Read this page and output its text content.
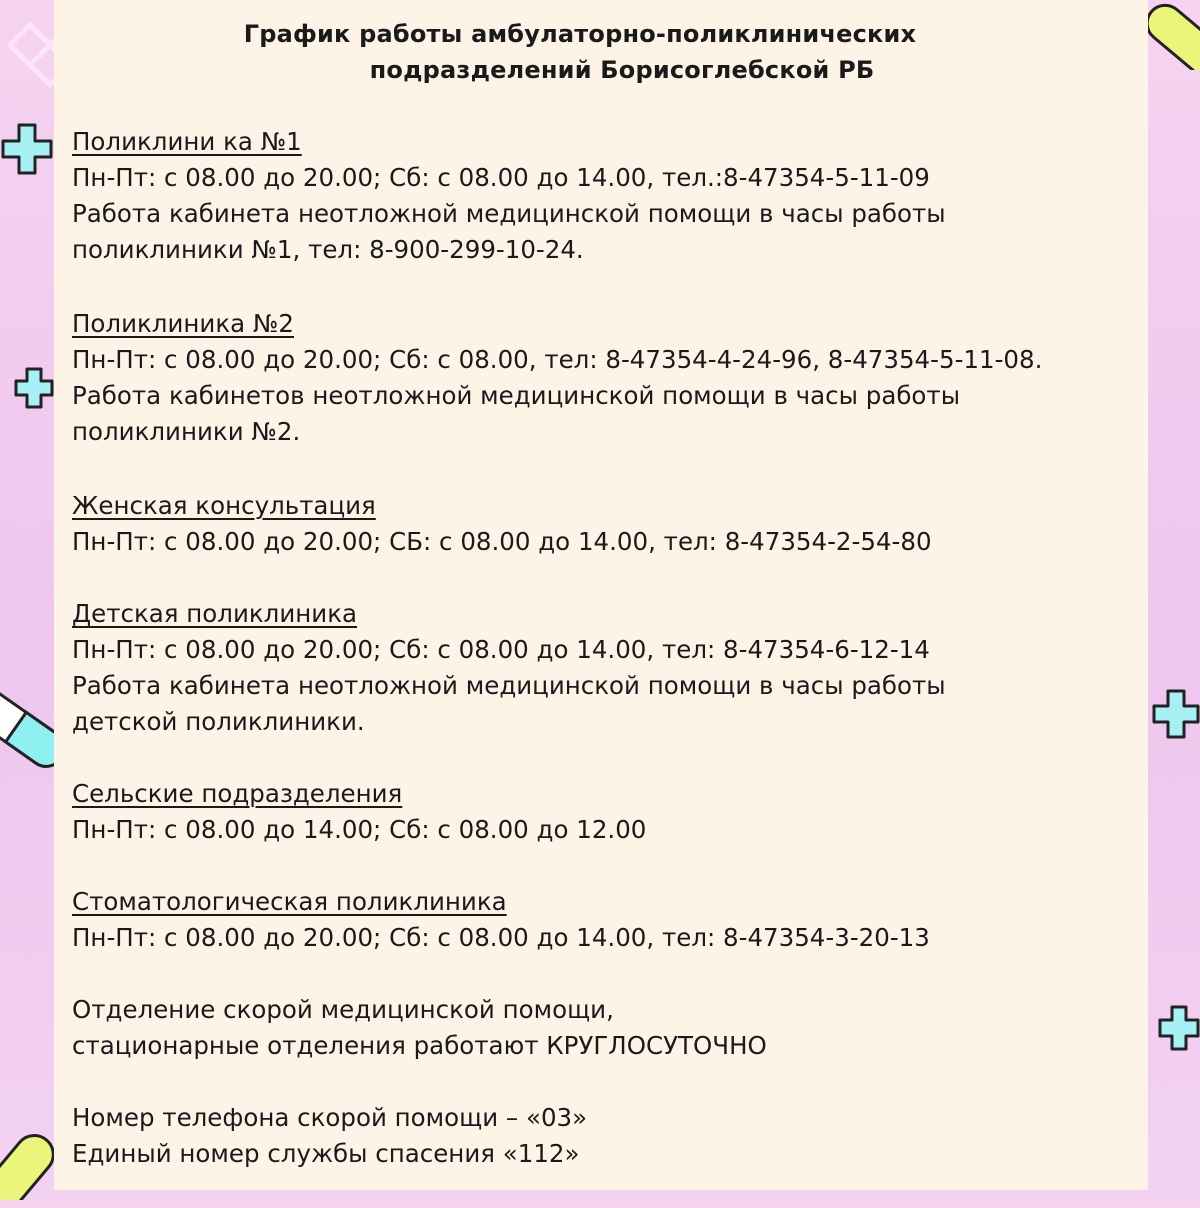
График работы амбулаторно-поликлинических
подразделений Борисоглебской РБ
Поликлини ка №1
Пн-Пт: с 08.00 до 20.00; Сб: с 08.00 до 14.00, тел.:8-47354-5-11-09
Работа кабинета неотложной медицинской помощи в часы работы
поликлиники №1, тел: 8-900-299-10-24.
Поликлиника №2
Пн-Пт: с 08.00 до 20.00; Сб: с 08.00, тел: 8-47354-4-24-96, 8-47354-5-11-08.
Работа кабинетов неотложной медицинской помощи в часы работы
поликлиники №2.
Женская консультация
Пн-Пт: с 08.00 до 20.00; СБ: с 08.00 до 14.00, тел: 8-47354-2-54-80
Детская поликлиника
Пн-Пт: с 08.00 до 20.00; Сб: с 08.00 до 14.00, тел: 8-47354-6-12-14
Работа кабинета неотложной медицинской помощи в часы работы
детской поликлиники.
Сельские подразделения
Пн-Пт: с 08.00 до 14.00; Сб: с 08.00 до 12.00
Стоматологическая поликлиника
Пн-Пт: с 08.00 до 20.00; Сб: с 08.00 до 14.00, тел: 8-47354-3-20-13
Отделение скорой медицинской помощи,
стационарные отделения работают КРУГЛОСУТОЧНО
Номер телефона скорой помощи – «03»
Единый номер службы спасения «112»
